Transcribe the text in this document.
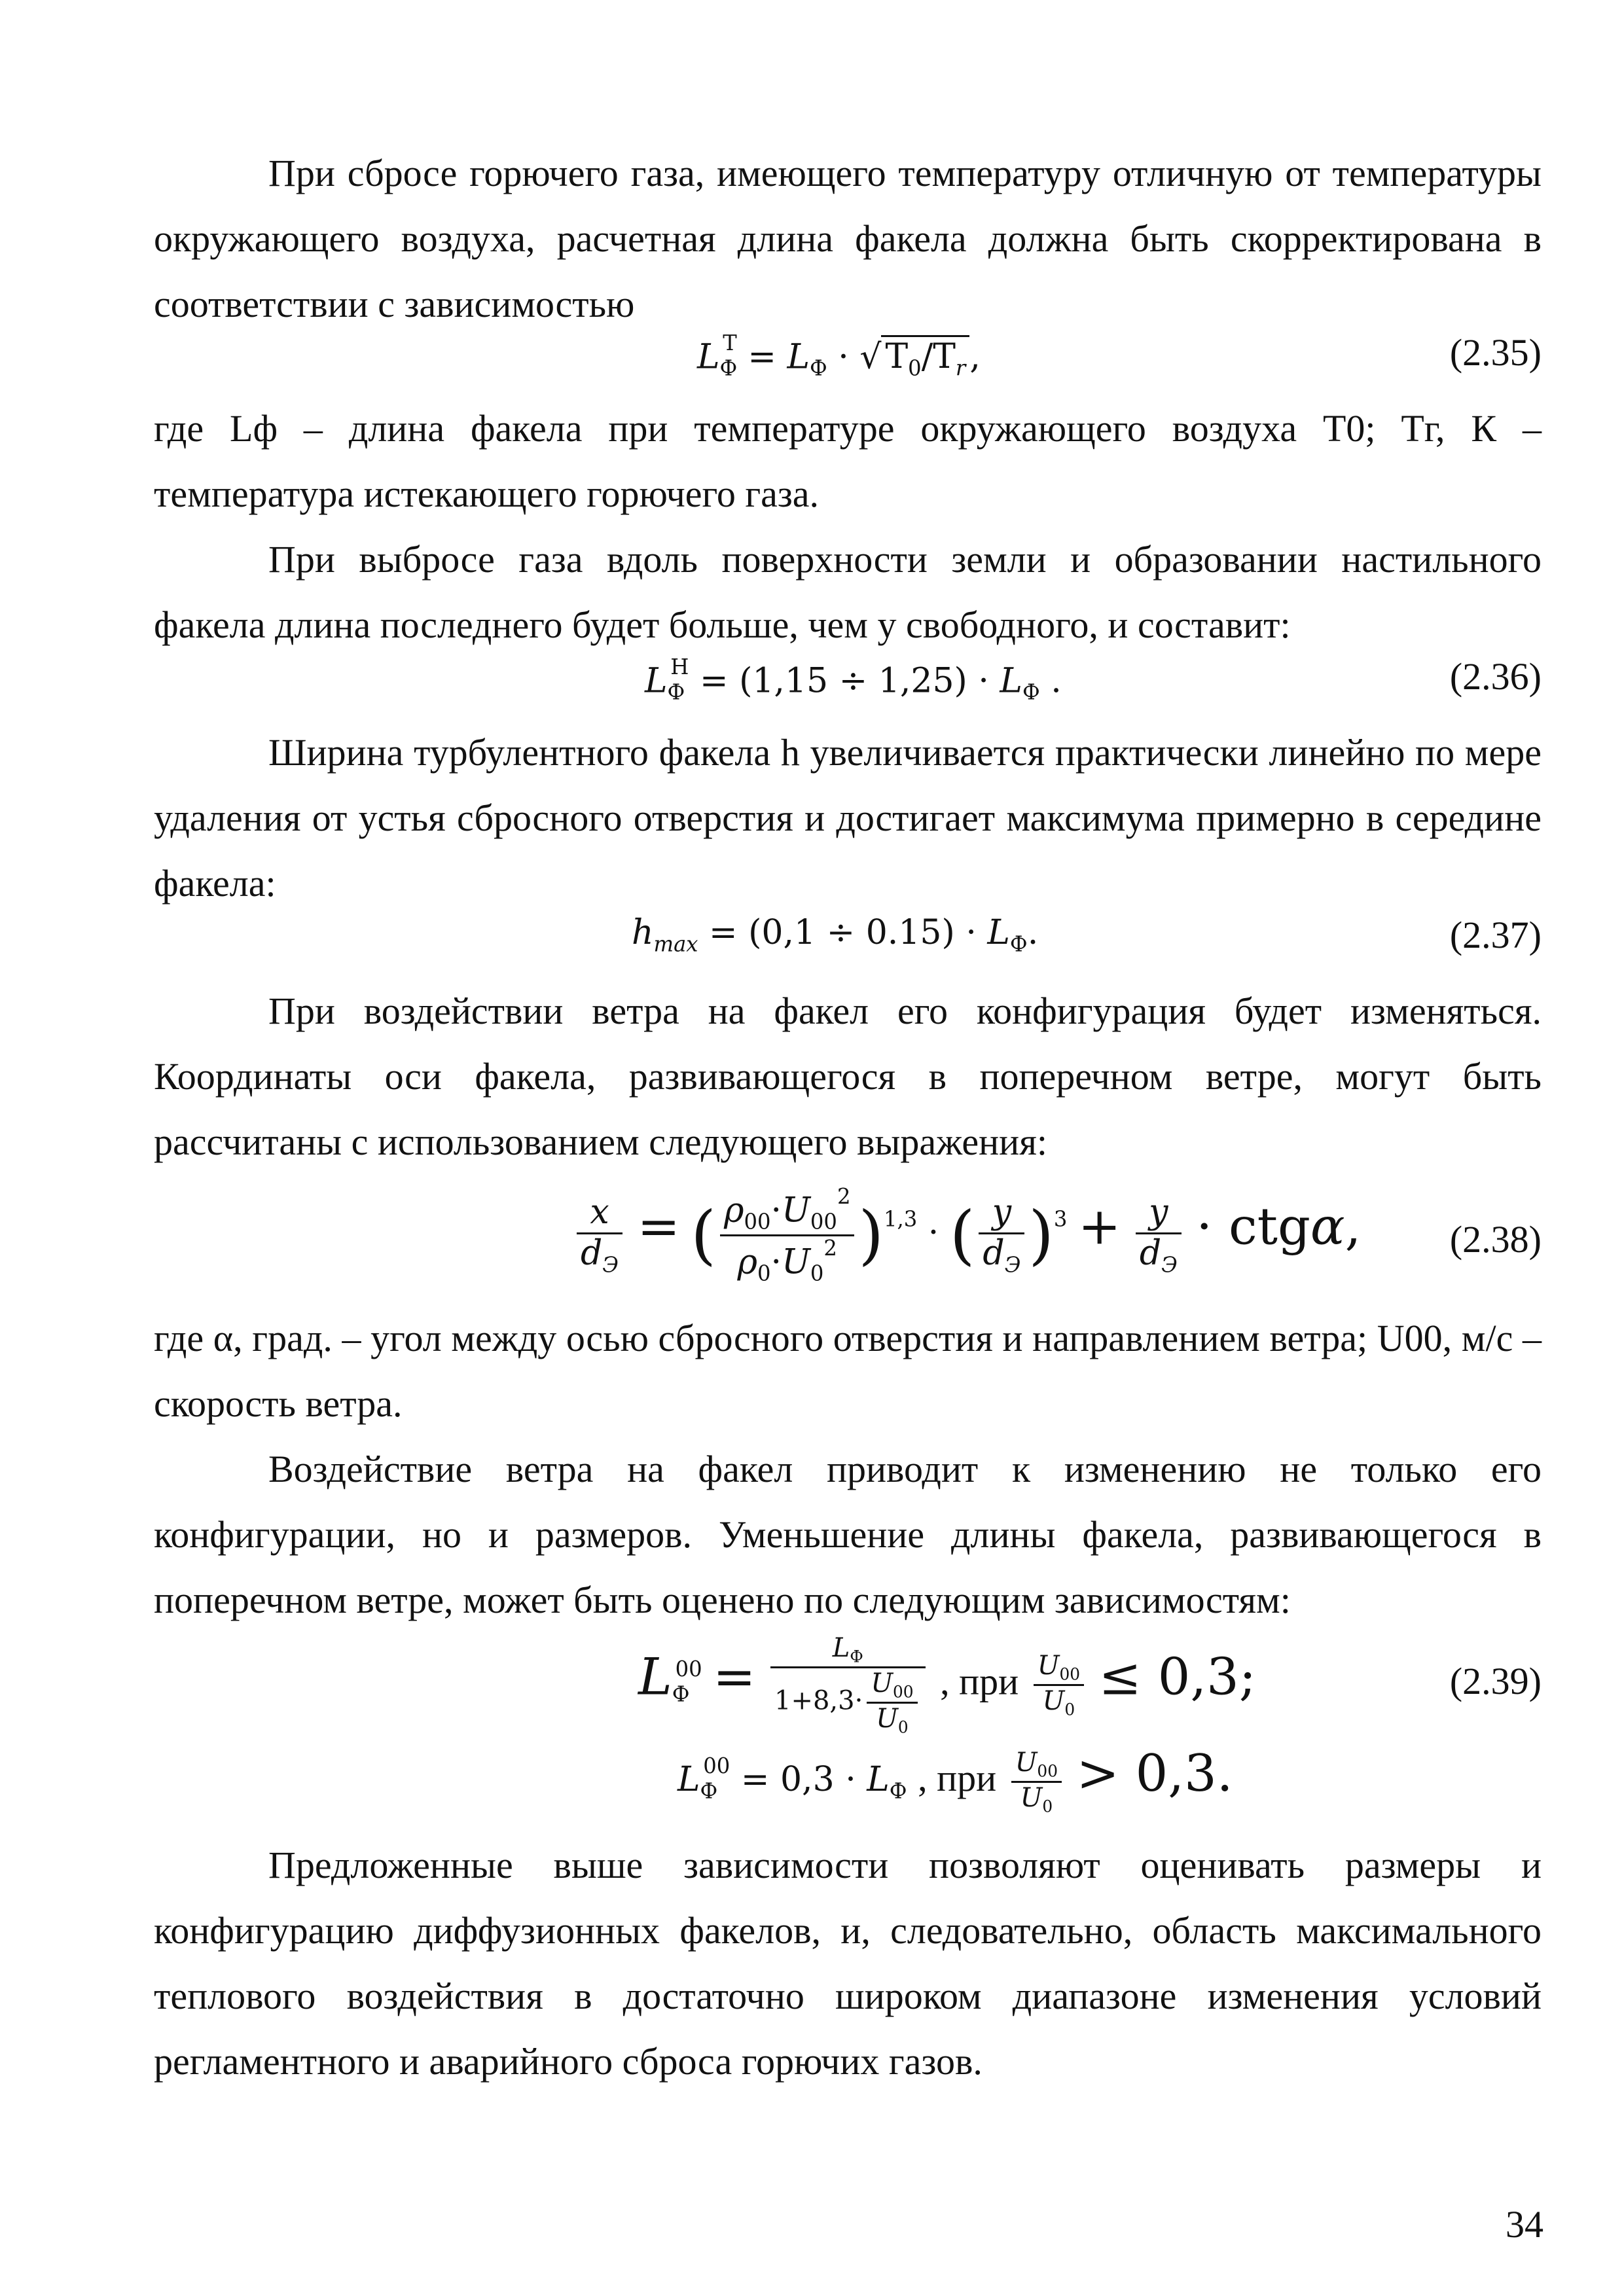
При сбросе горючего газа, имеющего температуру отличную от температуры окружающего воздуха, расчетная длина факела должна быть скорректирована в соответствии с зависимостью

$L_Ф^Т = L_Ф$ · √ $T_0/T_r$ ,	(2.35)

где Lф – длина факела при температуре окружающего воздуха T0; Tг, К – температура истекающего горючего газа.

При выбросе газа вдоль поверхности земли и образовании настильного факела длина последнего будет больше, чем у свободного, и составит:

$L_Ф^Н = (1,15 \div 1,25) \cdot L_Ф$ .	(2.36)

Ширина турбулентного факела h увеличивается практически линейно по мере удаления от устья сбросного отверстия и достигает максимума примерно в середине факела:

$h_{max} = (0,1 \div 0.15) \cdot L_Ф$.	(2.37)

При воздействии ветра на факел его конфигурация будет изменяться. Координаты оси факела, развивающегося в поперечном ветре, могут быть рассчитаны с использованием следующего выражения:

$\frac{x}{d_Э}$ = ( $\frac{\rho_{00}\cdot U_{00}^2}{\rho_0\cdot U_0^2} )^{1,3}$ · ( $\frac{y}{d_Э} )^3 + \frac{y}{d_Э} \cdot ctg\alpha$, (2.38)

где α, град. – угол между осью сбросного отверстия и направлением ветра; U00, м/с – скорость ветра.

Воздействие ветра на факел приводит к изменению не только его конфигурации, но и размеров. Уменьшение длины факела, развивающегося в поперечном ветре, может быть оценено по следующим зависимостям:

$L_Ф^{00} = \frac{L_Ф}{1+8,3\cdot \frac{U_{00}}{U_0}}$ , при $\frac{U_{00}}{U_0} \le 0,3$;	(2.39)
$L_Ф^{00} = 0,3 \cdot L_Ф$ , при $\frac{U_{00}}{U_0} > 0,3$.

Предложенные выше зависимости позволяют оценивать размеры и конфигурацию диффузионных факелов, и, следовательно, область максимального теплового воздействия в достаточно широком диапазоне изменения условий регламентного и аварийного сброса горючих газов.

34
